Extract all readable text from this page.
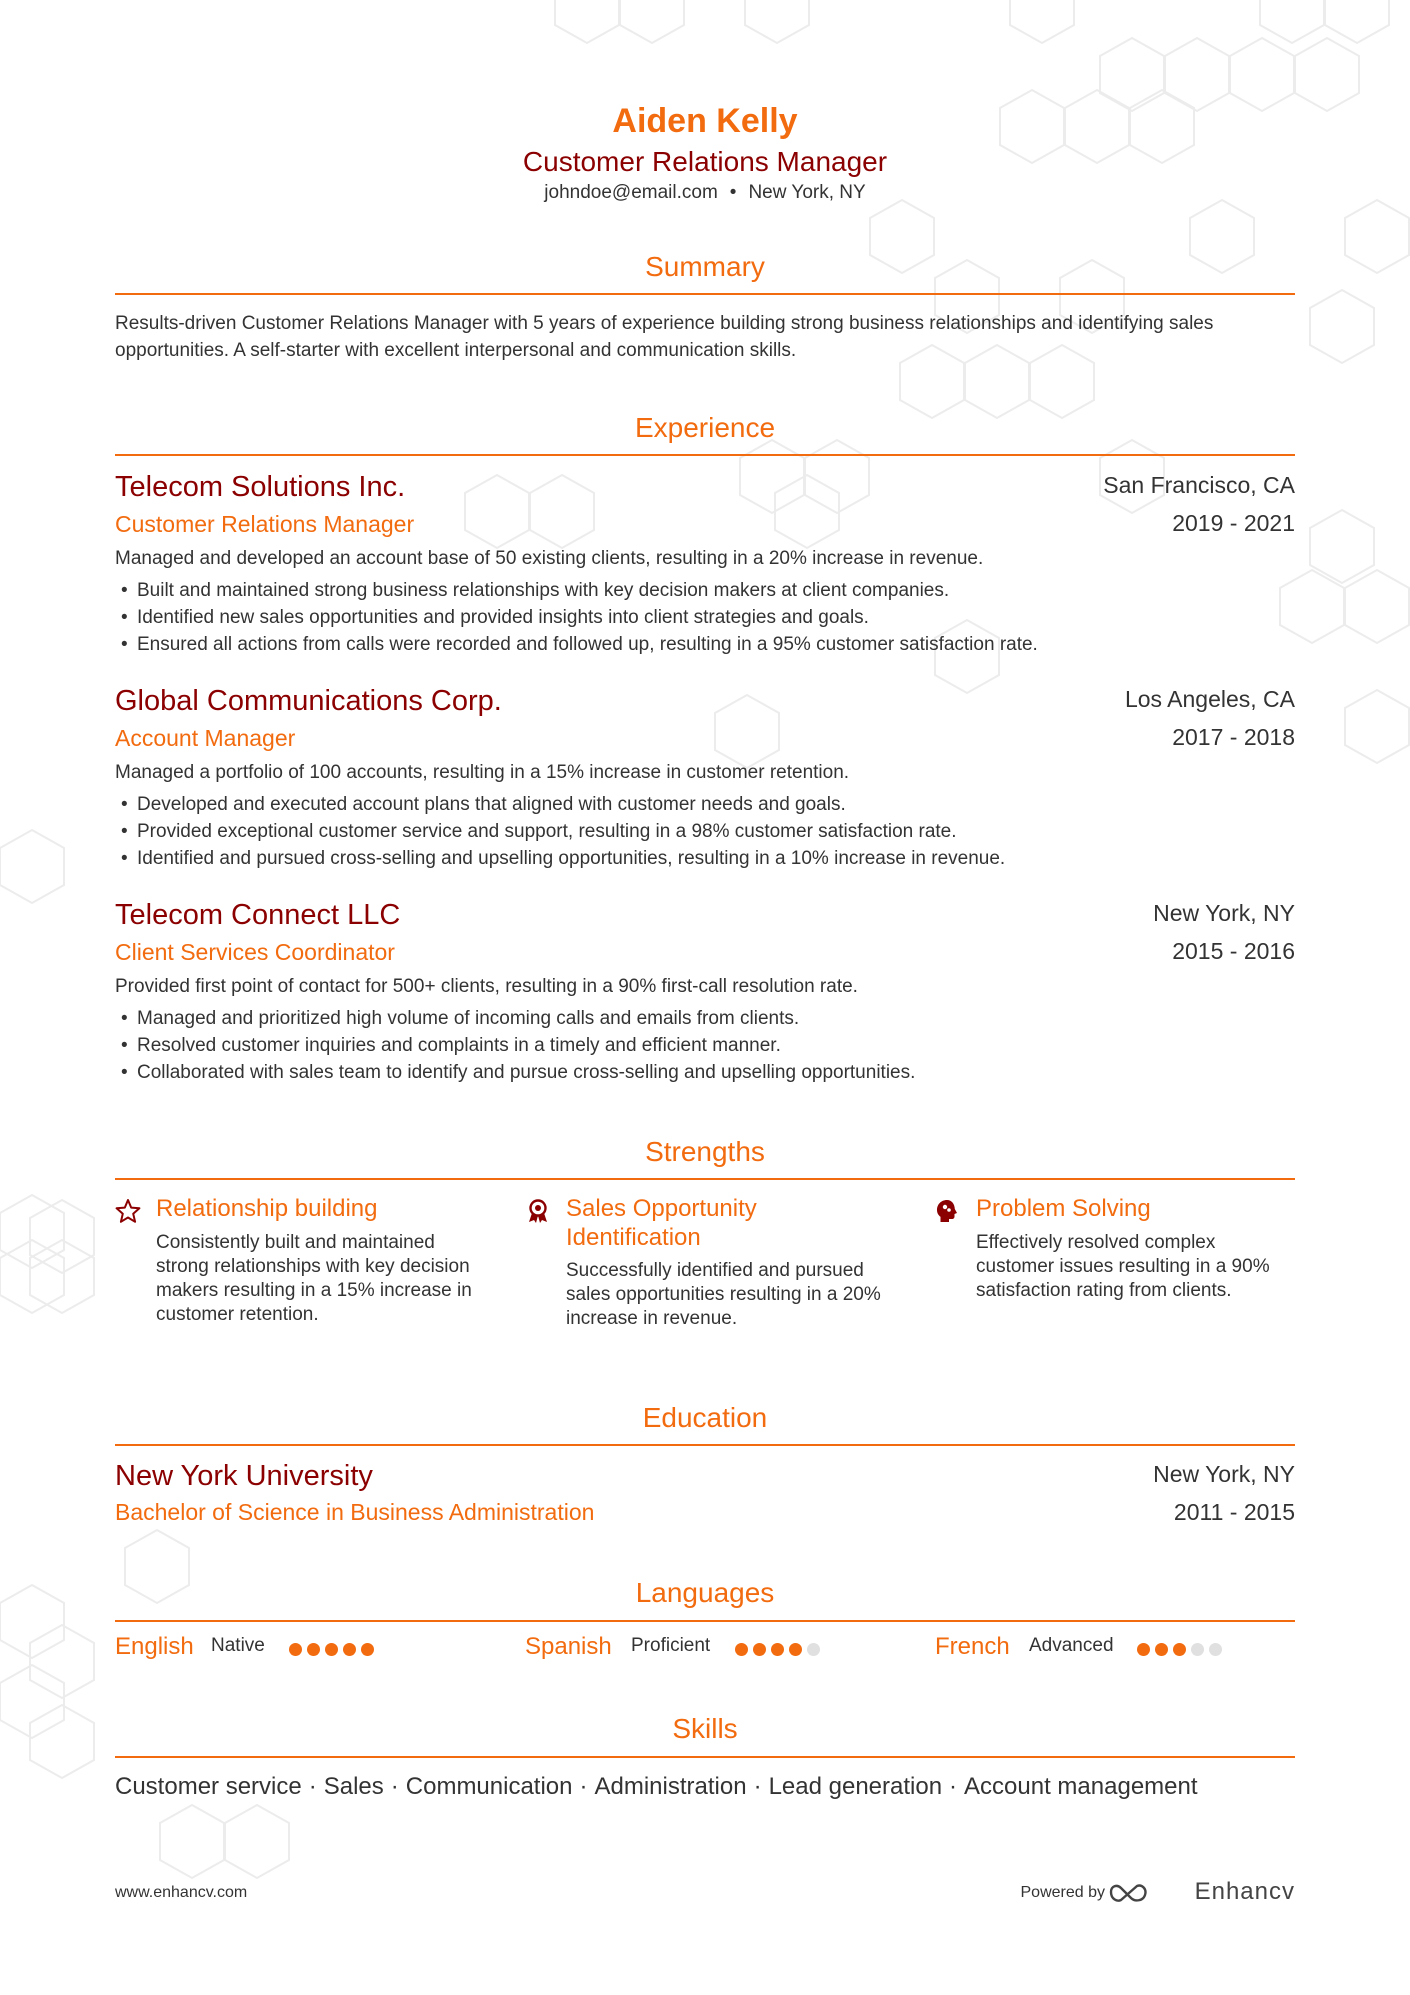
Aiden Kelly
Customer Relations Manager
johndoe@email.com • New York, NY
Summary
Results-driven Customer Relations Manager with 5 years of experience building strong business relationships and identifying sales opportunities. A self-starter with excellent interpersonal and communication skills.
Experience
Telecom Solutions Inc.	San Francisco, CA
Customer Relations Manager	2019 - 2021
Managed and developed an account base of 50 existing clients, resulting in a 20% increase in revenue.
• Built and maintained strong business relationships with key decision makers at client companies.
• Identified new sales opportunities and provided insights into client strategies and goals.
• Ensured all actions from calls were recorded and followed up, resulting in a 95% customer satisfaction rate.
Global Communications Corp.	Los Angeles, CA
Account Manager	2017 - 2018
Managed a portfolio of 100 accounts, resulting in a 15% increase in customer retention.
• Developed and executed account plans that aligned with customer needs and goals.
• Provided exceptional customer service and support, resulting in a 98% customer satisfaction rate.
• Identified and pursued cross-selling and upselling opportunities, resulting in a 10% increase in revenue.
Telecom Connect LLC	New York, NY
Client Services Coordinator	2015 - 2016
Provided first point of contact for 500+ clients, resulting in a 90% first-call resolution rate.
• Managed and prioritized high volume of incoming calls and emails from clients.
• Resolved customer inquiries and complaints in a timely and efficient manner.
• Collaborated with sales team to identify and pursue cross-selling and upselling opportunities.
Strengths
Relationship building
Consistently built and maintained strong relationships with key decision makers resulting in a 15% increase in customer retention.
Sales Opportunity Identification
Successfully identified and pursued sales opportunities resulting in a 20% increase in revenue.
Problem Solving
Effectively resolved complex customer issues resulting in a 90% satisfaction rating from clients.
Education
New York University	New York, NY
Bachelor of Science in Business Administration	2011 - 2015
Languages
English Native	Spanish Proficient	French Advanced
Skills
Customer service · Sales · Communication · Administration · Lead generation · Account management
www.enhancv.com	Powered by	Enhancv
